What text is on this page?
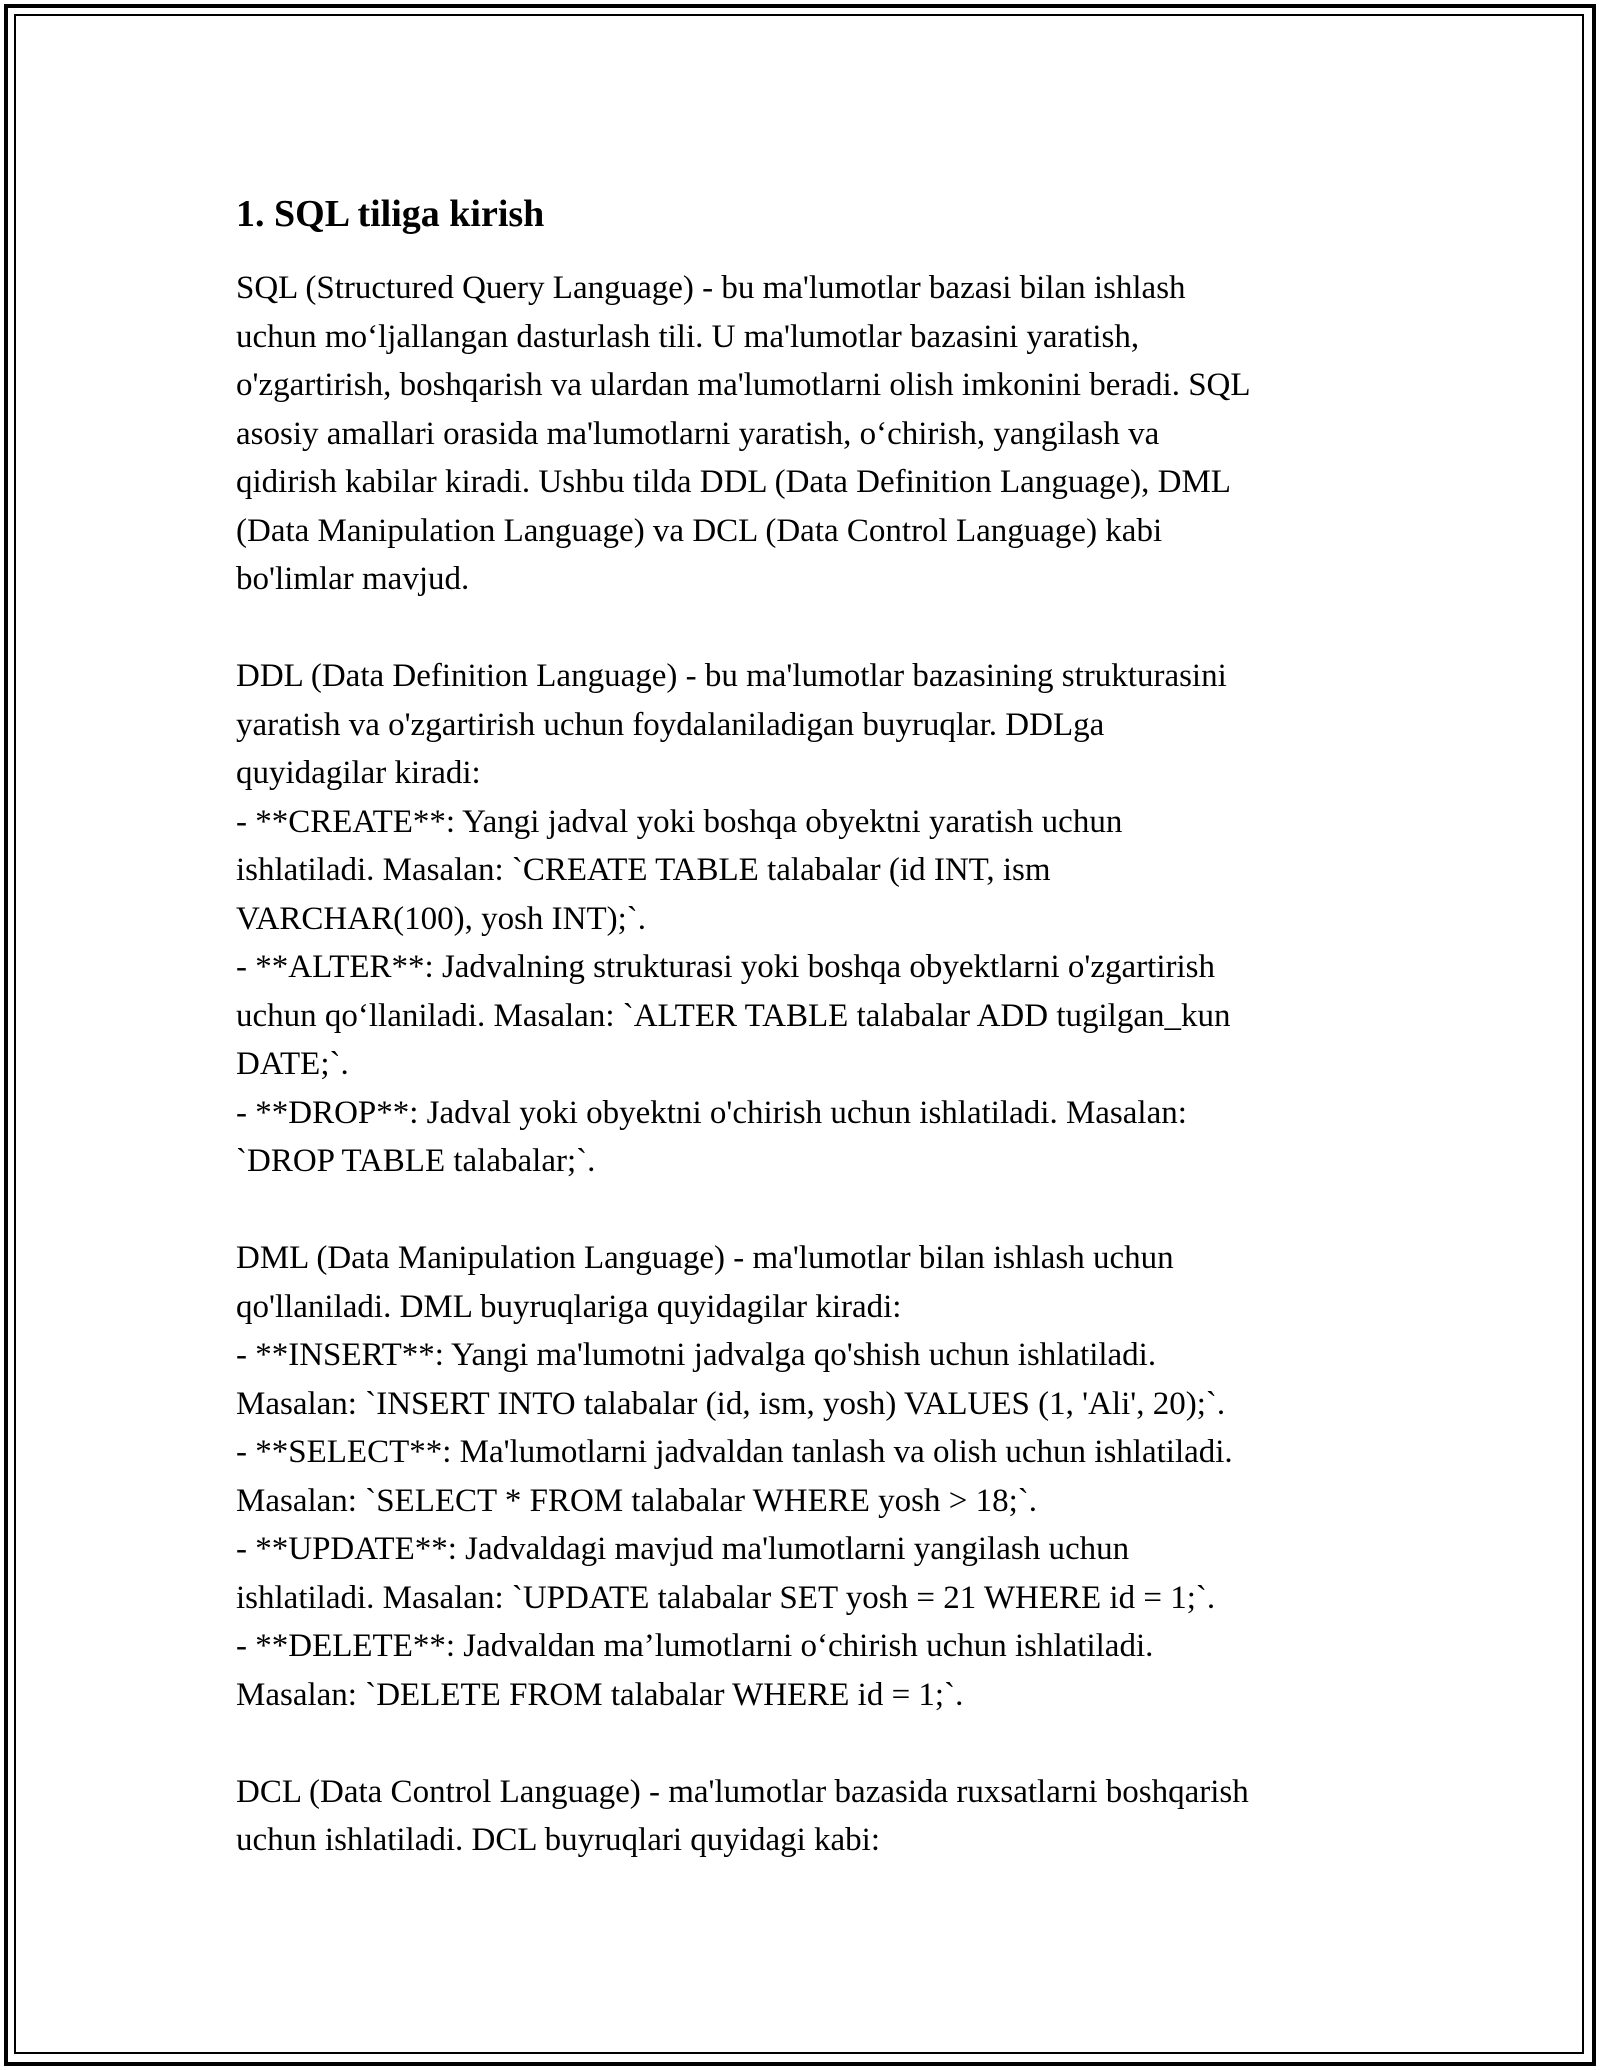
1. SQL tiliga kirish
SQL (Structured Query Language) - bu ma'lumotlar bazasi bilan ishlash
uchun mo‘ljallangan dasturlash tili. U ma'lumotlar bazasini yaratish,
o'zgartirish, boshqarish va ulardan ma'lumotlarni olish imkonini beradi. SQL
asosiy amallari orasida ma'lumotlarni yaratish, o‘chirish, yangilash va
qidirish kabilar kiradi. Ushbu tilda DDL (Data Definition Language), DML
(Data Manipulation Language) va DCL (Data Control Language) kabi
bo'limlar mavjud.
DDL (Data Definition Language) - bu ma'lumotlar bazasining strukturasini
yaratish va o'zgartirish uchun foydalaniladigan buyruqlar. DDLga
quyidagilar kiradi:
- **CREATE**: Yangi jadval yoki boshqa obyektni yaratish uchun
ishlatiladi. Masalan: `CREATE TABLE talabalar (id INT, ism
VARCHAR(100), yosh INT);`.
- **ALTER**: Jadvalning strukturasi yoki boshqa obyektlarni o'zgartirish
uchun qo‘llaniladi. Masalan: `ALTER TABLE talabalar ADD tugilgan_kun
DATE;`.
- **DROP**: Jadval yoki obyektni o'chirish uchun ishlatiladi. Masalan:
`DROP TABLE talabalar;`.
DML (Data Manipulation Language) - ma'lumotlar bilan ishlash uchun
qo'llaniladi. DML buyruqlariga quyidagilar kiradi:
- **INSERT**: Yangi ma'lumotni jadvalga qo'shish uchun ishlatiladi.
Masalan: `INSERT INTO talabalar (id, ism, yosh) VALUES (1, 'Ali', 20);`.
- **SELECT**: Ma'lumotlarni jadvaldan tanlash va olish uchun ishlatiladi.
Masalan: `SELECT * FROM talabalar WHERE yosh > 18;`.
- **UPDATE**: Jadvaldagi mavjud ma'lumotlarni yangilash uchun
ishlatiladi. Masalan: `UPDATE talabalar SET yosh = 21 WHERE id = 1;`.
- **DELETE**: Jadvaldan ma’lumotlarni o‘chirish uchun ishlatiladi.
Masalan: `DELETE FROM talabalar WHERE id = 1;`.
DCL (Data Control Language) - ma'lumotlar bazasida ruxsatlarni boshqarish
uchun ishlatiladi. DCL buyruqlari quyidagi kabi:
